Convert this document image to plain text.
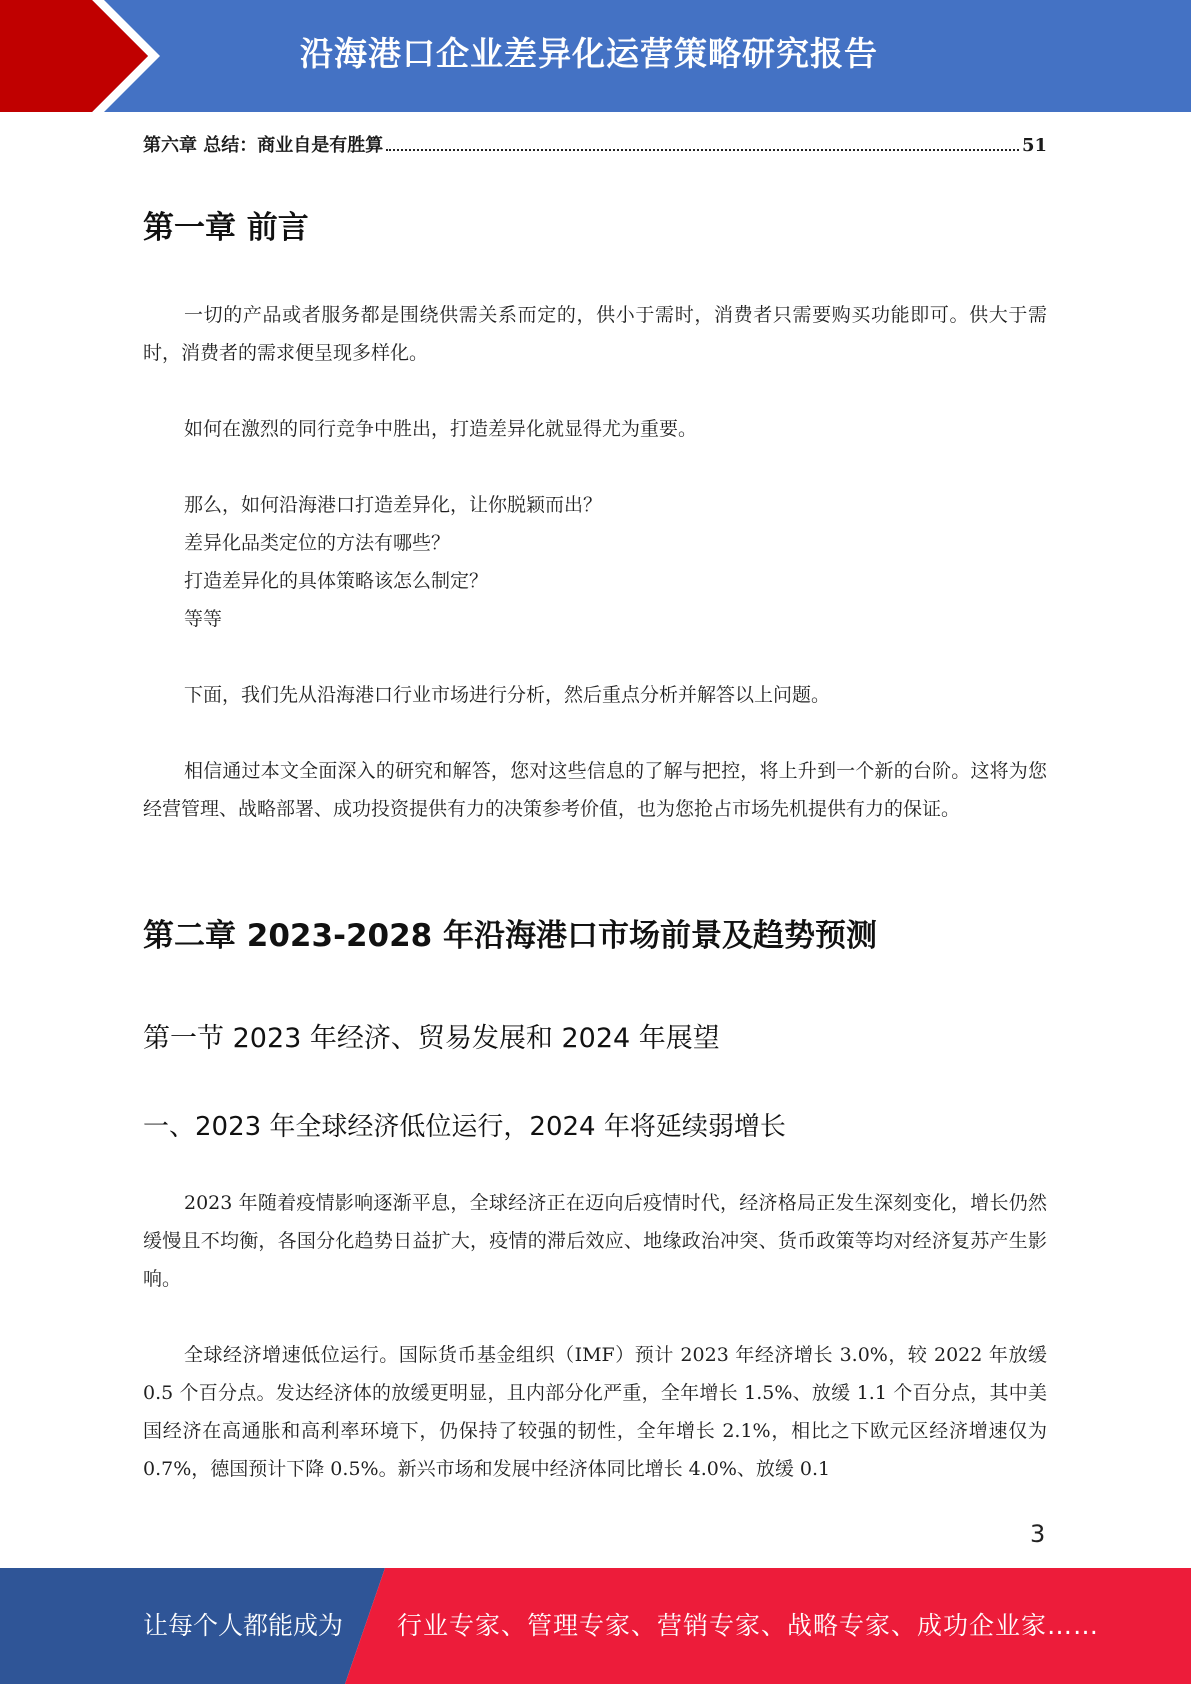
沿海港口企业差异化运营策略研究报告
第六章 总结：商业自是有胜算	51
第一章 前言
一切的产品或者服务都是围绕供需关系而定的，供小于需时，消费者只需要购买功能即可。供大于需时，消费者的需求便呈现多样化。
如何在激烈的同行竞争中胜出，打造差异化就显得尤为重要。
那么，如何沿海港口打造差异化，让你脱颖而出？
差异化品类定位的方法有哪些？
打造差异化的具体策略该怎么制定？
等等
下面，我们先从沿海港口行业市场进行分析，然后重点分析并解答以上问题。
相信通过本文全面深入的研究和解答，您对这些信息的了解与把控，将上升到一个新的台阶。这将为您经营管理、战略部署、成功投资提供有力的决策参考价值，也为您抢占市场先机提供有力的保证。
第二章 2023-2028 年沿海港口市场前景及趋势预测
第一节 2023 年经济、贸易发展和 2024 年展望
一、2023 年全球经济低位运行，2024 年将延续弱增长
2023 年随着疫情影响逐渐平息，全球经济正在迈向后疫情时代，经济格局正发生深刻变化，增长仍然缓慢且不均衡，各国分化趋势日益扩大，疫情的滞后效应、地缘政治冲突、货币政策等均对经济复苏产生影响。
全球经济增速低位运行。国际货币基金组织（IMF）预计 2023 年经济增长 3.0%，较 2022 年放缓 0.5 个百分点。发达经济体的放缓更明显，且内部分化严重，全年增长 1.5%、放缓 1.1 个百分点，其中美国经济在高通胀和高利率环境下，仍保持了较强的韧性，全年增长 2.1%，相比之下欧元区经济增速仅为 0.7%，德国预计下降 0.5%。新兴市场和发展中经济体同比增长 4.0%、放缓 0.1
3
让每个人都能成为 行业专家、管理专家、营销专家、战略专家、成功企业家……
